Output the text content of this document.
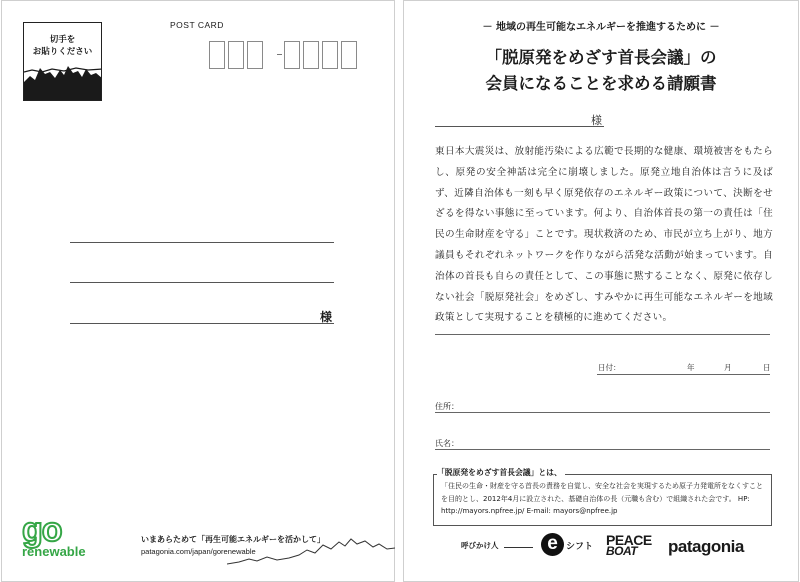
切手を
お貼りください
POST CARD
様
go
renewable
いまあらためて「再生可能エネルギーを活かして」
patagonia.com/japan/gorenewable
－ 地域の再生可能なエネルギーを推進するために －
「脱原発をめざす首長会議」の
会員になることを求める請願書
様
東日本大震災は、放射能汚染による広範で長期的な健康、環境被害をもたらし、原発の安全神話は完全に崩壊しました。原発立地自治体は言うに及ばず、近隣自治体も一刻も早く原発依存のエネルギー政策について、決断をせざるを得ない事態に至っています。何より、自治体首長の第一の責任は「住民の生命財産を守る」ことです。現状救済のため、市民が立ち上がり、地方議員もそれぞれネットワークを作りながら活発な活動が始まっています。自治体の首長も自らの責任として、この事態に黙することなく、原発に依存しない社会「脱原発社会」をめざし、すみやかに再生可能なエネルギーを地域政策として実現することを積極的に進めてください。
日付：	年	月	日
住所：
氏名：
「脱原発をめざす首長会議」とは、
「住民の生命・財産を守る首長の責務を自覚し、安全な社会を実現するため原子力発電所をなくすことを目的とし、2012年4月に設立された、基礎自治体の長（元職も含む）で組織された会です。 HP: http://mayors.npfree.jp/ E-mail: mayors@npfree.jp
呼びかけ人	e シフト PEACE
BOAT	patagonia
